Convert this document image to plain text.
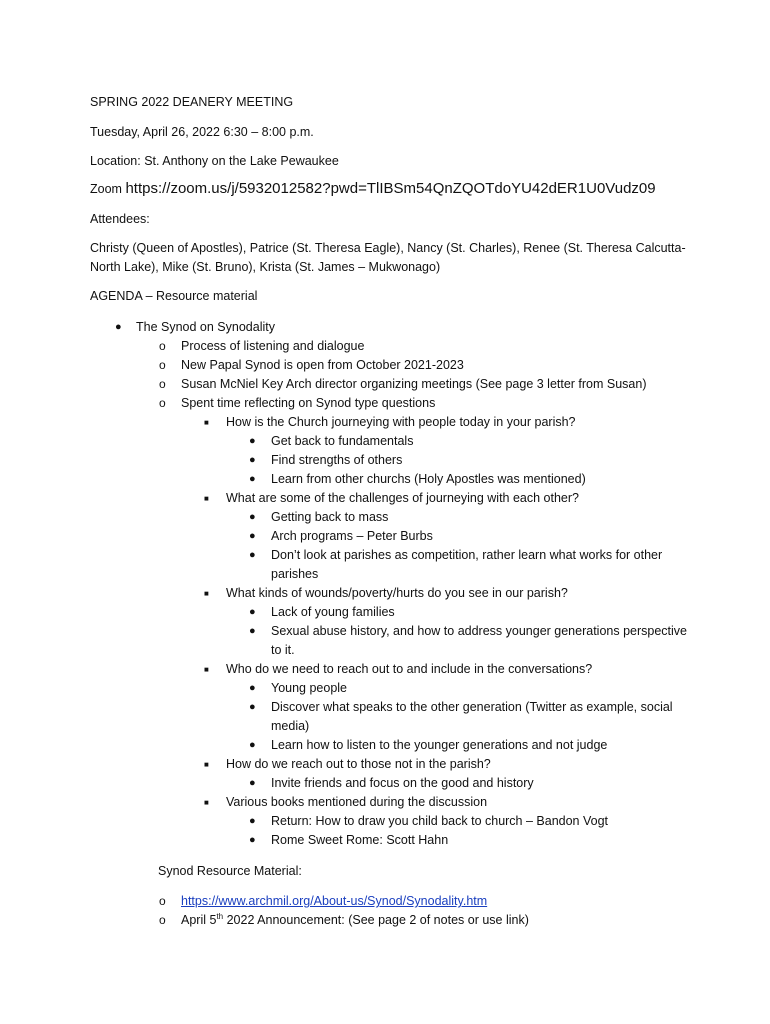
SPRING 2022 DEANERY MEETING
Tuesday, April 26, 2022 6:30 – 8:00 p.m.
Location: St. Anthony on the Lake Pewaukee
Zoom https://zoom.us/j/5932012582?pwd=TlIBSm54QnZQOTdoYU42dER1U0Vudz09
Attendees:
Christy (Queen of Apostles), Patrice (St. Theresa Eagle), Nancy (St. Charles), Renee (St. Theresa Calcutta-North Lake), Mike (St. Bruno), Krista (St. James – Mukwonago)
AGENDA – Resource material
● The Synod on Synodality
o Process of listening and dialogue
o New Papal Synod is open from October 2021-2023
o Susan McNiel Key Arch director organizing meetings (See page 3 letter from Susan)
o Spent time reflecting on Synod type questions
■ How is the Church journeying with people today in your parish?
● Get back to fundamentals
● Find strengths of others
● Learn from other churchs (Holy Apostles was mentioned)
■ What are some of the challenges of journeying with each other?
● Getting back to mass
● Arch programs – Peter Burbs
● Don’t look at parishes as competition, rather learn what works for other parishes
■ What kinds of wounds/poverty/hurts do you see in our parish?
● Lack of young families
● Sexual abuse history, and how to address younger generations perspective to it.
■ Who do we need to reach out to and include in the conversations?
● Young people
● Discover what speaks to the other generation (Twitter as example, social media)
● Learn how to listen to the younger generations and not judge
■ How do we reach out to those not in the parish?
● Invite friends and focus on the good and history
■ Various books mentioned during the discussion
● Return: How to draw you child back to church – Bandon Vogt
● Rome Sweet Rome: Scott Hahn
Synod Resource Material:
o https://www.archmil.org/About-us/Synod/Synodality.htm
o April 5th 2022 Announcement: (See page 2 of notes or use link)
